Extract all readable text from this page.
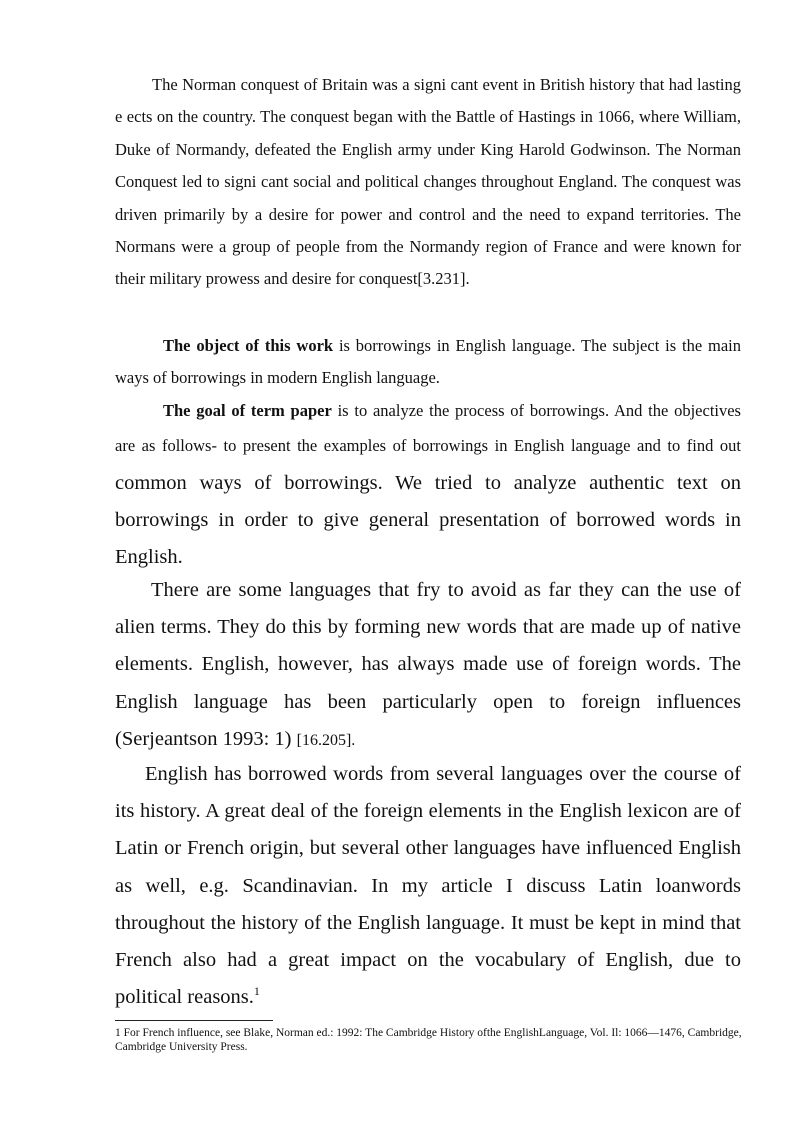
The Norman conquest of Britain was a signi cant event in British history that had lasting e ects on the country. The conquest began with the Battle of Hastings in 1066, where William, Duke of Normandy, defeated the English army under King Harold Godwinson. The Norman Conquest led to signi cant social and political changes throughout England. The conquest was driven primarily by a desire for power and control and the need to expand territories. The Normans were a group of people from the Normandy region of France and were known for their military prowess and desire for conquest[3.231].

The object of this work is borrowings in English language. The subject is the main ways of borrowings in modern English language.

The goal of term paper is to analyze the process of borrowings. And the objectives are as follows- to present the examples of borrowings in English language and to find out common ways of borrowings. We tried to analyze authentic text on borrowings in order to give general presentation of borrowed words in English.

There are some languages that fry to avoid as far they can the use of alien terms. They do this by forming new words that are made up of native elements. English, however, has always made use of foreign words. The English language has been particularly open to foreign influences (Serjeantson 1993: 1) [16.205].

English has borrowed words from several languages over the course of its history. A great deal of the foreign elements in the English lexicon are of Latin or French origin, but several other languages have influenced English as well, e.g. Scandinavian. In my article I discuss Latin loanwords throughout the history of the English language. It must be kept in mind that French also had a great impact on the vocabulary of English, due to political reasons.$^1$

1 For French influence, see Blake, Norman ed.: 1992: The Cambridge History ofthe EnglishLanguage, Vol. Il: 1066—1476, Cambridge, Cambridge University Press.
